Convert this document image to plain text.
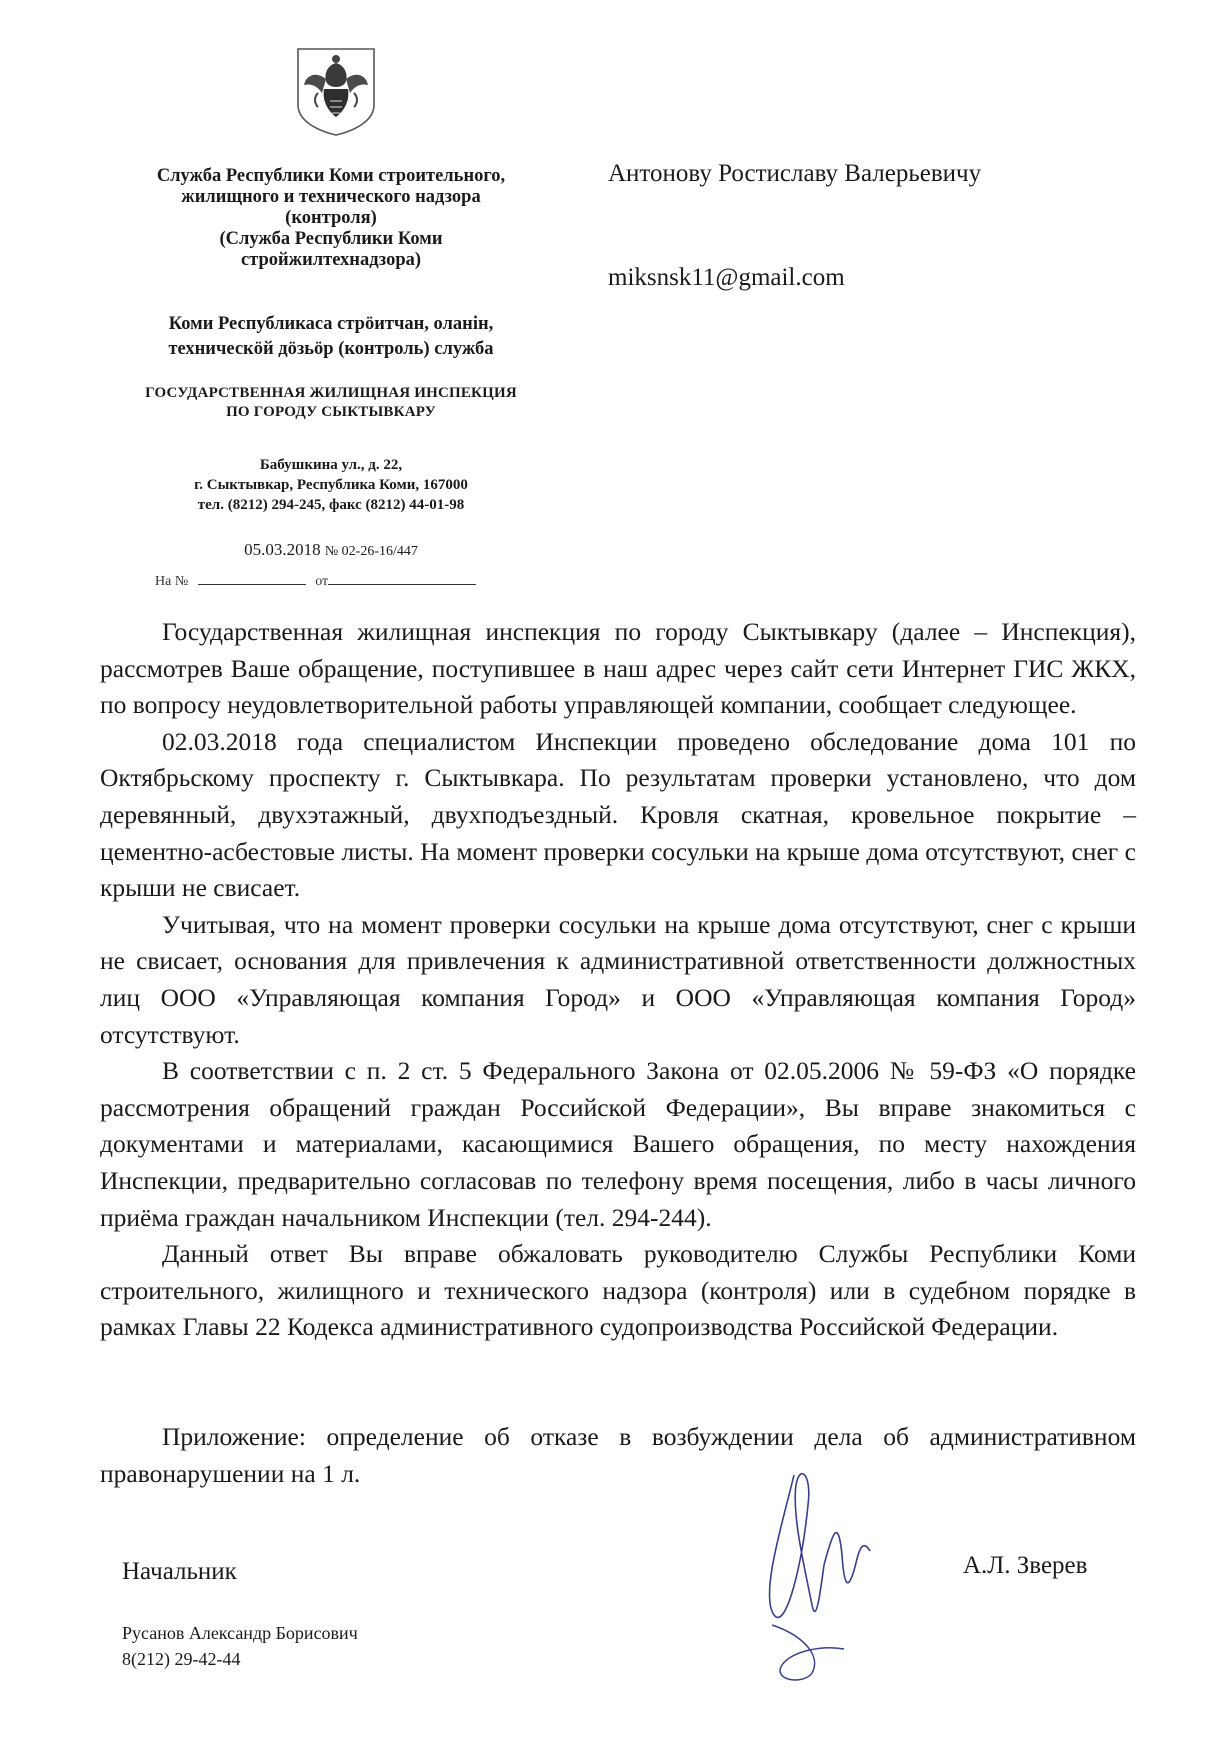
Служба Республики Коми строительного,
жилищного и технического надзора
(контроля)
(Служба Республики Коми
стройжилтехнадзора)
Коми Республикаса стрöитчан, оланiн,
техническöй дöзьöр (контроль) служба
ГОСУДАРСТВЕННАЯ ЖИЛИЩНАЯ ИНСПЕКЦИЯ
ПО ГОРОДУ СЫКТЫВКАРУ
Бабушкина ул., д. 22,
г. Сыктывкар, Республика Коми, 167000
тел. (8212) 294-245, факс (8212) 44-01-98
05.03.2018 № 02-26-16/447
На №	от
Антонову Ростиславу Валерьевичу
miksnsk11@gmail.com

Государственная жилищная инспекция по городу Сыктывкару (далее – Инспекция), рассмотрев Ваше обращение, поступившее в наш адрес через сайт сети Интернет ГИС ЖКХ, по вопросу неудовлетворительной работы управляющей компании, сообщает следующее.

02.03.2018 года специалистом Инспекции проведено обследование дома 101 по Октябрьскому проспекту г. Сыктывкара. По результатам проверки установлено, что дом деревянный, двухэтажный, двухподъездный. Кровля скатная, кровельное покрытие – цементно-асбестовые листы. На момент проверки сосульки на крыше дома отсутствуют, снег с крыши не свисает.

Учитывая, что на момент проверки сосульки на крыше дома отсутствуют, снег с крыши не свисает, основания для привлечения к административной ответственности должностных лиц ООО «Управляющая компания Город» и ООО «Управляющая компания Город» отсутствуют.

В соответствии с п. 2 ст. 5 Федерального Закона от 02.05.2006 № 59-ФЗ «О порядке рассмотрения обращений граждан Российской Федерации», Вы вправе знакомиться с документами и материалами, касающимися Вашего обращения, по месту нахождения Инспекции, предварительно согласовав по телефону время посещения, либо в часы личного приёма граждан начальником Инспекции (тел. 294-244).

Данный ответ Вы вправе обжаловать руководителю Службы Республики Коми строительного, жилищного и технического надзора (контроля) или в судебном порядке в рамках Главы 22 Кодекса административного судопроизводства Российской Федерации.

Приложение: определение об отказе в возбуждении дела об административном правонарушении на 1 л.

Начальник	А.Л. Зверев
Русанов Александр Борисович
8(212) 29-42-44
